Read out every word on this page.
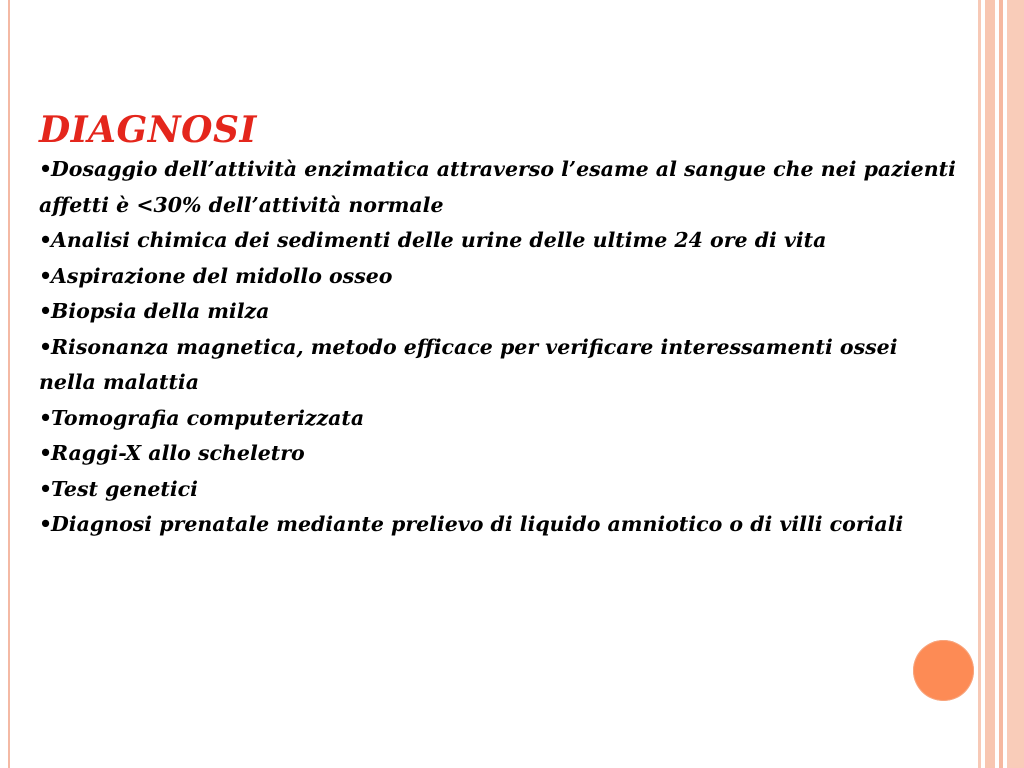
DIAGNOSI
•Dosaggio dell’attività enzimatica attraverso l’esame al sangue che nei pazienti affetti è <30% dell’attività normale
•Analisi chimica dei sedimenti delle urine delle ultime 24 ore di vita
•Aspirazione del midollo osseo
•Biopsia della milza
•Risonanza magnetica, metodo efficace per verificare interessamenti ossei nella malattia
•Tomografia computerizzata
•Raggi-X allo scheletro
•Test genetici
•Diagnosi prenatale mediante prelievo di liquido amniotico o di villi coriali
